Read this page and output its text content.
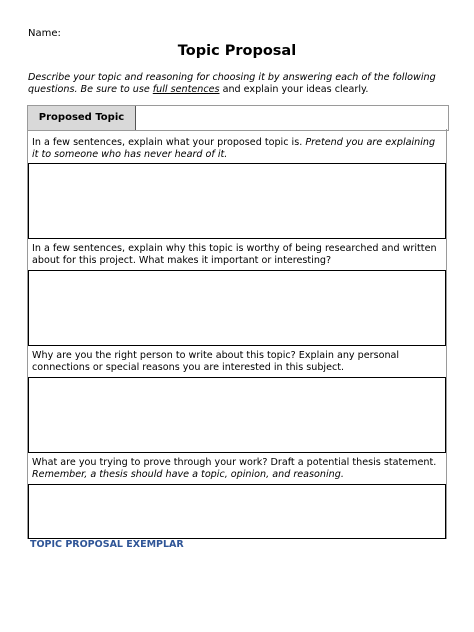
Name:
Topic Proposal
Describe your topic and reasoning for choosing it by answering each of the following questions. Be sure to use full sentences and explain your ideas clearly.
Proposed Topic
In a few sentences, explain what your proposed topic is. Pretend you are explaining it to someone who has never heard of it.
In a few sentences, explain why this topic is worthy of being researched and written about for this project. What makes it important or interesting?
Why are you the right person to write about this topic? Explain any personal connections or special reasons you are interested in this subject.
What are you trying to prove through your work? Draft a potential thesis statement. Remember, a thesis should have a topic, opinion, and reasoning.
TOPIC PROPOSAL EXEMPLAR
